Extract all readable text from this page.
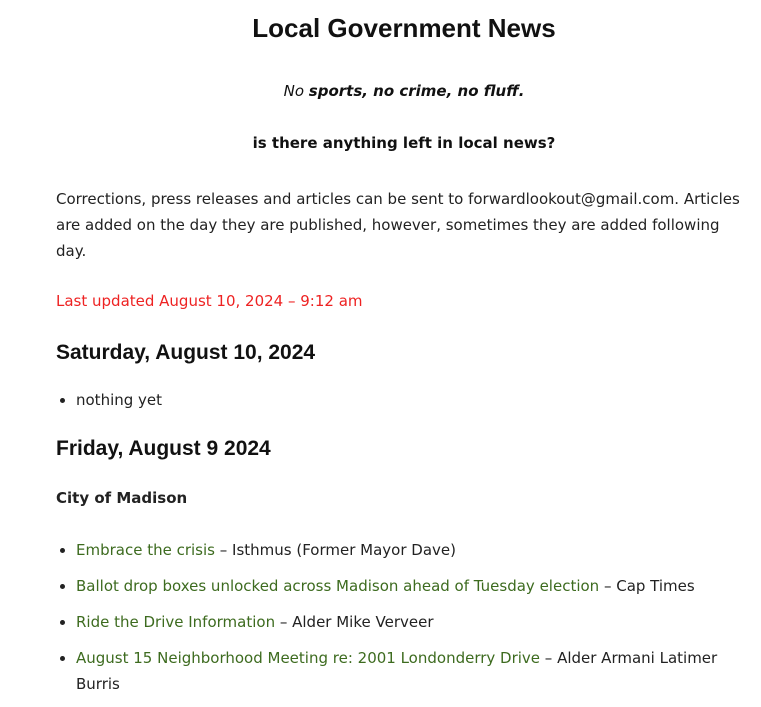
Local Government News

No sports, no crime, no fluff.

is there anything left in local news?

Corrections, press releases and articles can be sent to forwardlookout@gmail.com. Articles are added on the day they are published, however, sometimes they are added following day.

Last updated August 10, 2024 – 9:12 am

Saturday, August 10, 2024
• nothing yet
Friday, August 9 2024

City of Madison

• Embrace the crisis – Isthmus (Former Mayor Dave)
• Ballot drop boxes unlocked across Madison ahead of Tuesday election – Cap Times
• Ride the Drive Information – Alder Mike Verveer
• August 15 Neighborhood Meeting re: 2001 Londonderry Drive – Alder Armani Latimer Burris
